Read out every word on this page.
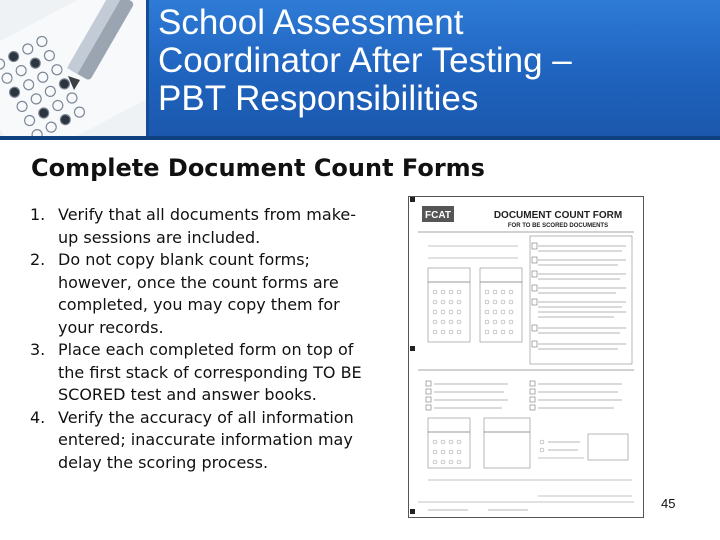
School Assessment
Coordinator After Testing –
PBT Responsibilities
Complete Document Count Forms
1. Verify that all documents from make-
up sessions are included.
2. Do not copy blank count forms;
however, once the count forms are
completed, you may copy them for
your records.
3. Place each completed form on top of
the first stack of corresponding TO BE
SCORED test and answer books.
4. Verify the accuracy of all information
entered; inaccurate information may
delay the scoring process.
FCAT	DOCUMENT COUNT FORM
FOR TO BE SCORED DOCUMENTS
45
